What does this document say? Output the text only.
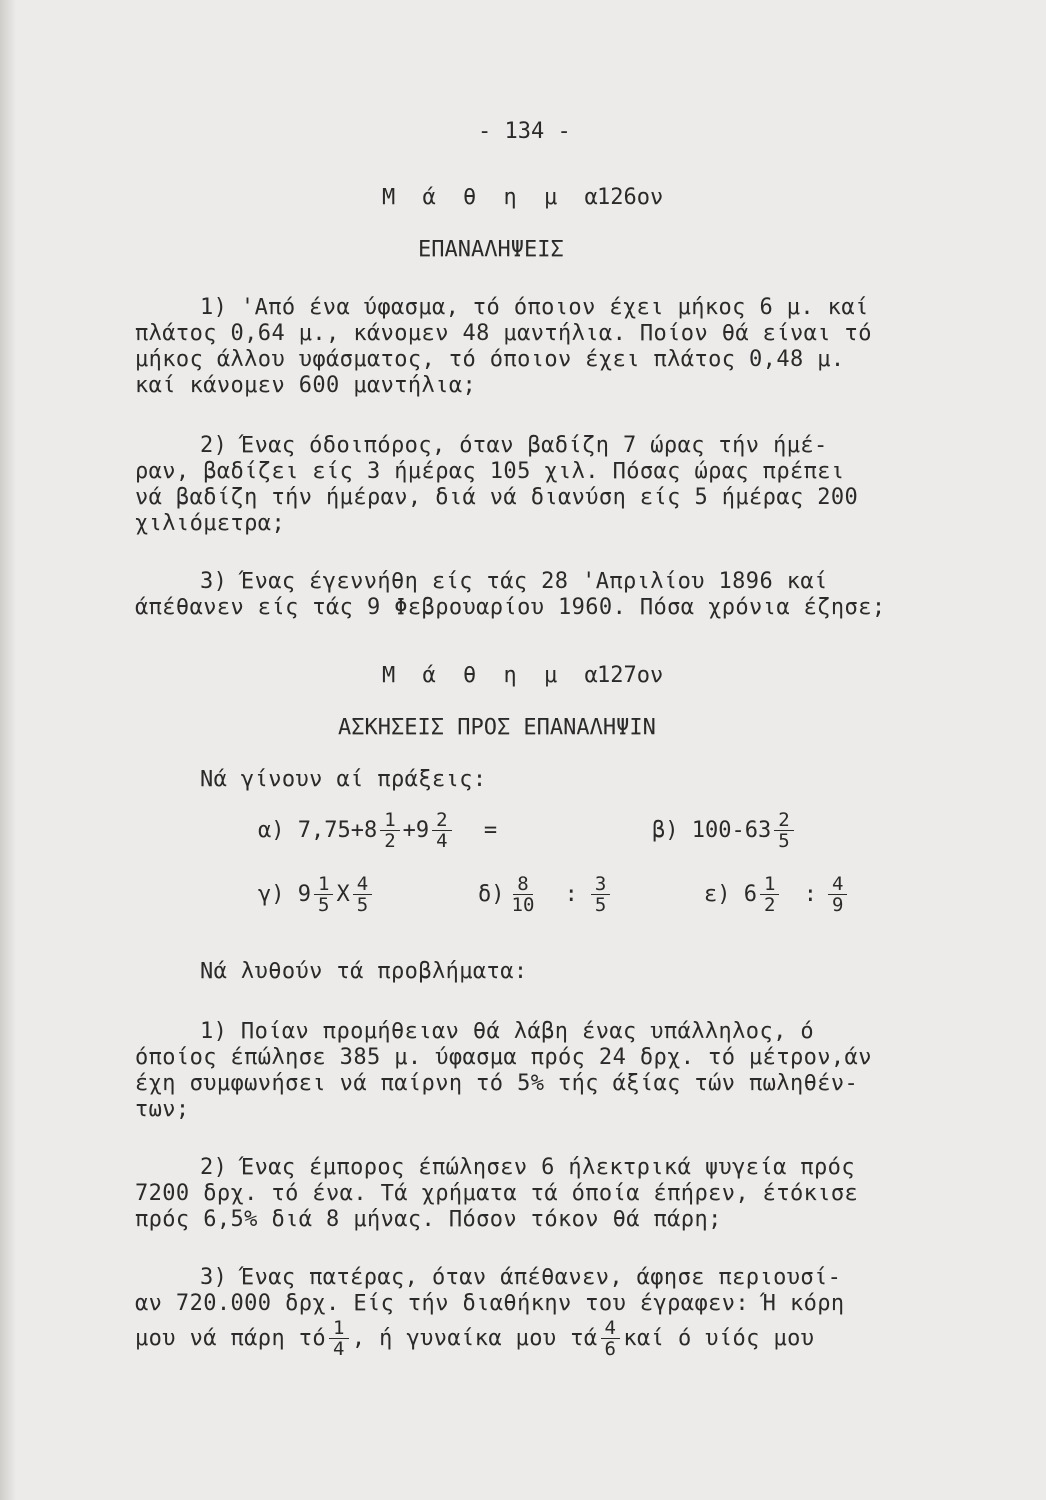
- 134 -
Μ ά θ η μ α
126ον
ΕΠΑΝΑΛΗΨΕΙΣ
1) 'Από ένα ύφασμα, τό όποιον έχει μήκος 6 μ. καί
πλάτος 0,64 μ., κάνομεν 48 μαντήλια. Ποίον θά είναι τό
μήκος άλλου υφάσματος, τό όποιον έχει πλάτος 0,48 μ.
καί κάνομεν 600 μαντήλια;
2) Ένας όδοιπόρος, όταν βαδίζη 7 ώρας τήν ήμέ-
ραν, βαδίζει είς 3 ήμέρας 105 χιλ. Πόσας ώρας πρέπει
νά βαδίζη τήν ήμέραν, διά νά διανύση είς 5 ήμέρας 200
χιλιόμετρα;
3) Ένας έγεννήθη είς τάς 28 'Απριλίου 1896 καί
άπέθανεν είς τάς 9 Φεβρουαρίου 1960. Πόσα χρόνια έζησε;
Μ ά θ η μ α
127ον
ΑΣΚΗΣΕΙΣ ΠΡΟΣ ΕΠΑΝΑΛΗΨΙΝ
Νά γίνουν αί πράξεις:
α) $7,75+8 \frac{1}{2} +9 \frac{2}{4}$ =	β) $100-63 \frac{2}{5}$
γ) $9 \frac{1}{5}$ X $\frac{4}{5}$	$\delta) \frac{8}{10}$ : $\frac{3}{5}$	ε) $6 \frac{1}{2}$ : $\frac{4}{9}$
Νά λυθούν τά προβλήματα:
1) Ποίαν προμήθειαν θά λάβη ένας υπάλληλος, ό
όποίος έπώλησε 385 μ. ύφασμα πρός 24 δρχ. τό μέτρον,άν
έχη συμφωνήσει νά παίρνη τό 5% τής άξίας τών πωληθέν-
των;
2) Ένας έμπορος έπώλησεν 6 ήλεκτρικά ψυγεία πρός
7200 δρχ. τό ένα. Τά χρήματα τά όποία έπήρεν, έτόκισε
πρός 6,5% διά 8 μήνας. Πόσον τόκον θά πάρη;
3) Ένας πατέρας, όταν άπέθανεν, άφησε περιουσί-
αν 720.000 δρχ. Είς τήν διαθήκην του έγραφεν: Ή κόρη
μου νά πάρη τό $\frac{1}{4}$ , ή γυναίκα μου τά $\frac{4}{6}$ καί ό υίός μου
